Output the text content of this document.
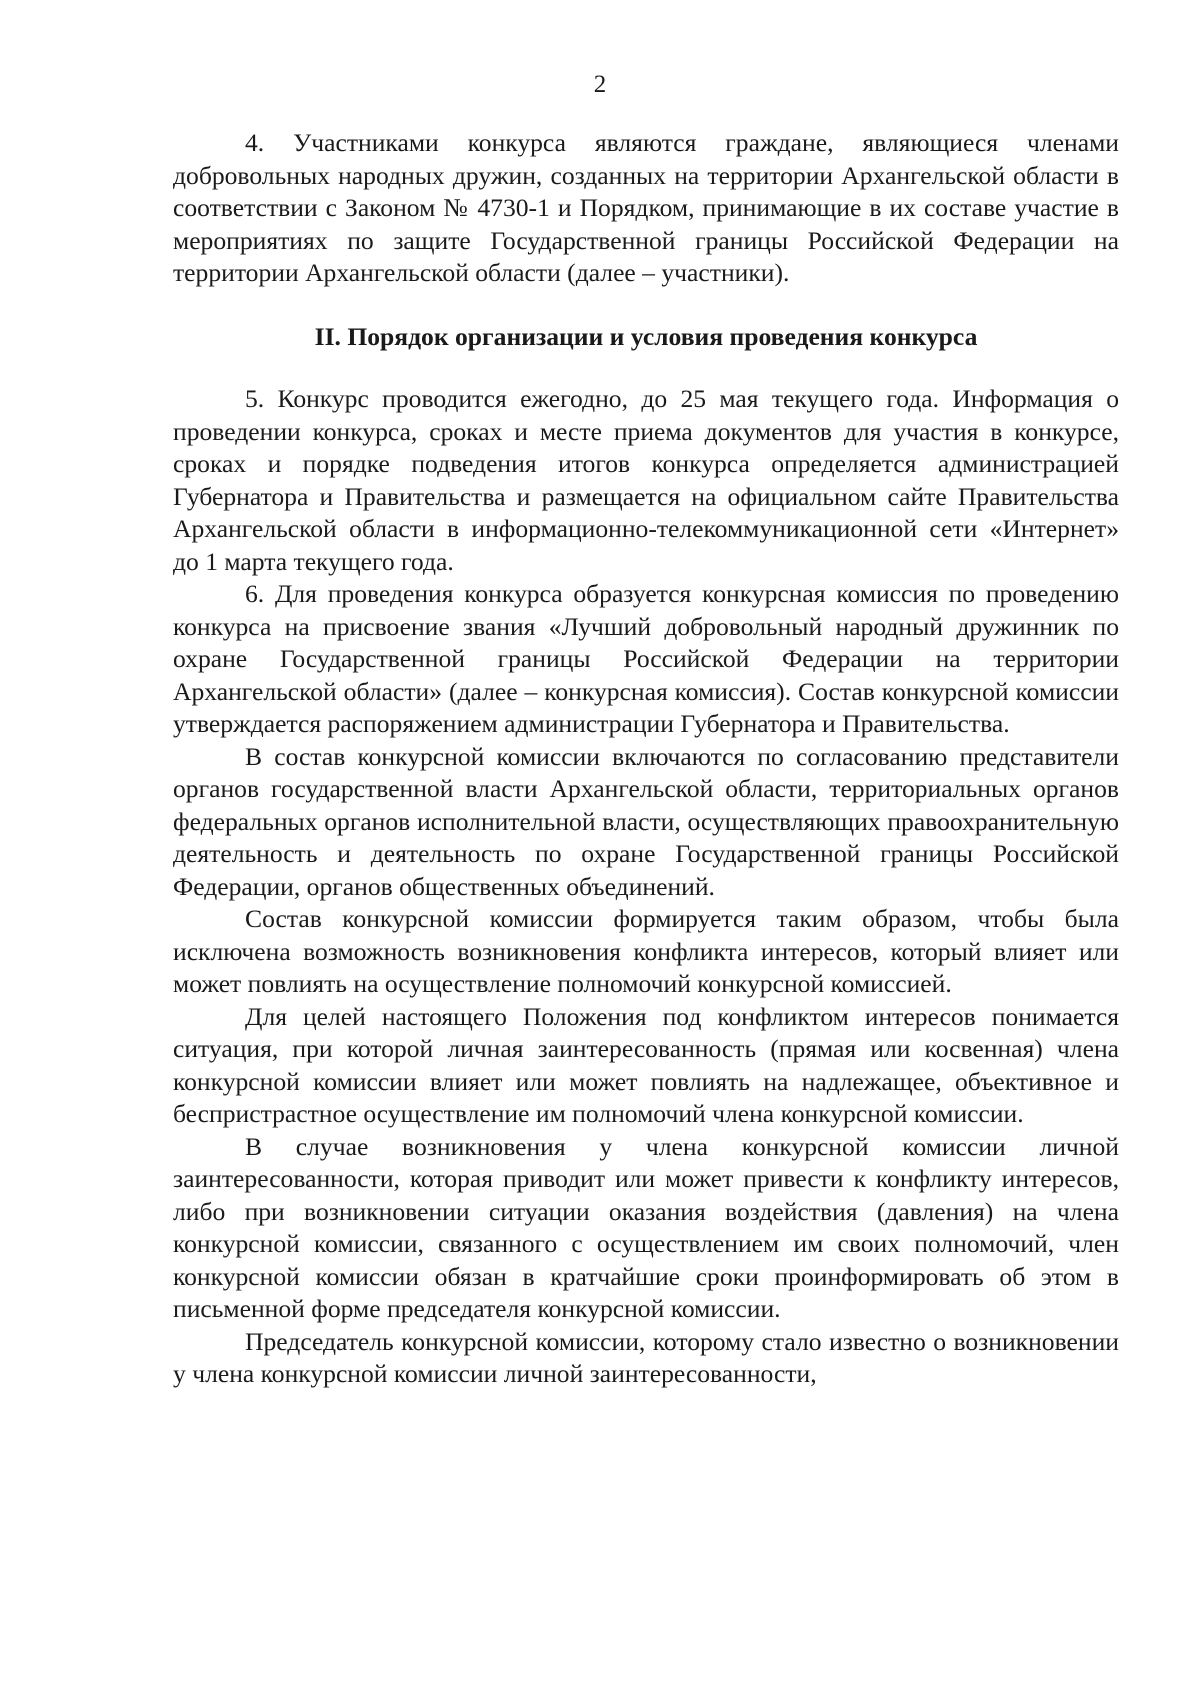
2

4. Участниками конкурса являются граждане, являющиеся членами добровольных народных дружин, созданных на территории Архангельской области в соответствии с Законом № 4730-1 и Порядком, принимающие в их составе участие в мероприятиях по защите Государственной границы Российской Федерации на территории Архангельской области (далее – участники).

II. Порядок организации и условия проведения конкурса

5. Конкурс проводится ежегодно, до 25 мая текущего года. Информация о проведении конкурса, сроках и месте приема документов для участия в конкурсе, сроках и порядке подведения итогов конкурса определяется администрацией Губернатора и Правительства и размещается на официальном сайте Правительства Архангельской области в информационно-телекоммуникационной сети «Интернет» до 1 марта текущего года.

6. Для проведения конкурса образуется конкурсная комиссия по проведению конкурса на присвоение звания «Лучший добровольный народный дружинник по охране Государственной границы Российской Федерации на территории Архангельской области» (далее – конкурсная комиссия). Состав конкурсной комиссии утверждается распоряжением администрации Губернатора и Правительства.

В состав конкурсной комиссии включаются по согласованию представители органов государственной власти Архангельской области, территориальных органов федеральных органов исполнительной власти, осуществляющих правоохранительную деятельность и деятельность по охране Государственной границы Российской Федерации, органов общественных объединений.

Состав конкурсной комиссии формируется таким образом, чтобы была исключена возможность возникновения конфликта интересов, который влияет или может повлиять на осуществление полномочий конкурсной комиссией.

Для целей настоящего Положения под конфликтом интересов понимается ситуация, при которой личная заинтересованность (прямая или косвенная) члена конкурсной комиссии влияет или может повлиять на надлежащее, объективное и беспристрастное осуществление им полномочий члена конкурсной комиссии.

В случае возникновения у члена конкурсной комиссии личной заинтересованности, которая приводит или может привести к конфликту интересов, либо при возникновении ситуации оказания воздействия (давления) на члена конкурсной комиссии, связанного с осуществлением им своих полномочий, член конкурсной комиссии обязан в кратчайшие сроки проинформировать об этом в письменной форме председателя конкурсной комиссии.

Председатель конкурсной комиссии, которому стало известно о возникновении у члена конкурсной комиссии личной заинтересованности,
